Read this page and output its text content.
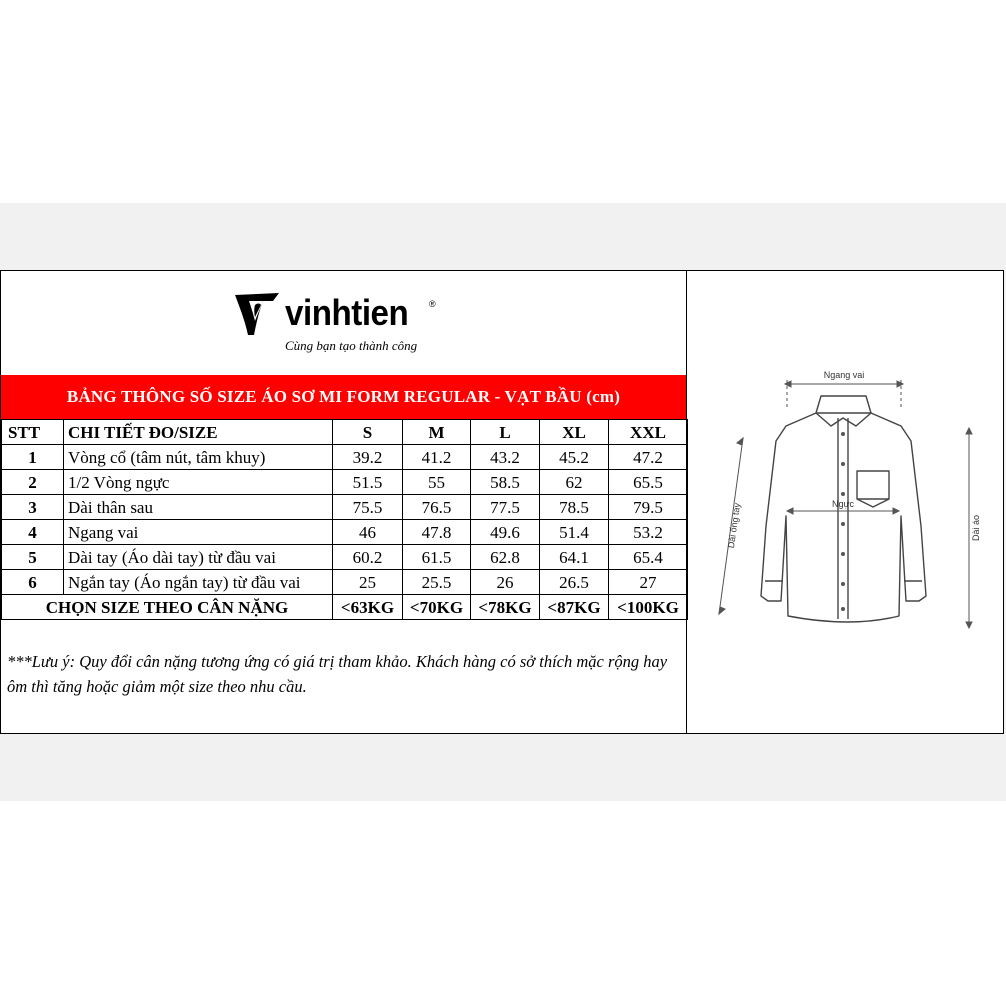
vinhtien ®
Cùng bạn tạo thành công
BẢNG THÔNG SỐ SIZE ÁO SƠ MI FORM REGULAR - VẠT BẦU (cm)
STT	CHI TIẾT ĐO/SIZE	S	M	L	XL	XXL
1	Vòng cổ (tâm nút, tâm khuy)	39.2	41.2	43.2	45.2	47.2
2	1/2 Vòng ngực	51.5	55	58.5	62	65.5
3	Dài thân sau	75.5	76.5	77.5	78.5	79.5
4	Ngang vai	46	47.8	49.6	51.4	53.2
5	Dài tay (Áo dài tay) từ đầu vai	60.2	61.5	62.8	64.1	65.4
6	Ngắn tay (Áo ngắn tay) từ đầu vai	25	25.5	26	26.5	27
CHỌN SIZE THEO CÂN NẶNG		<63KG	<70KG	<78KG	<87KG	<100KG
***Lưu ý: Quy đổi cân nặng tương ứng có giá trị tham khảo. Khách hàng có sở thích mặc rộng hay ôm thì tăng hoặc giảm một size theo nhu cầu.
Ngang vai
Ngực
Dài ống tay	Dài áo
